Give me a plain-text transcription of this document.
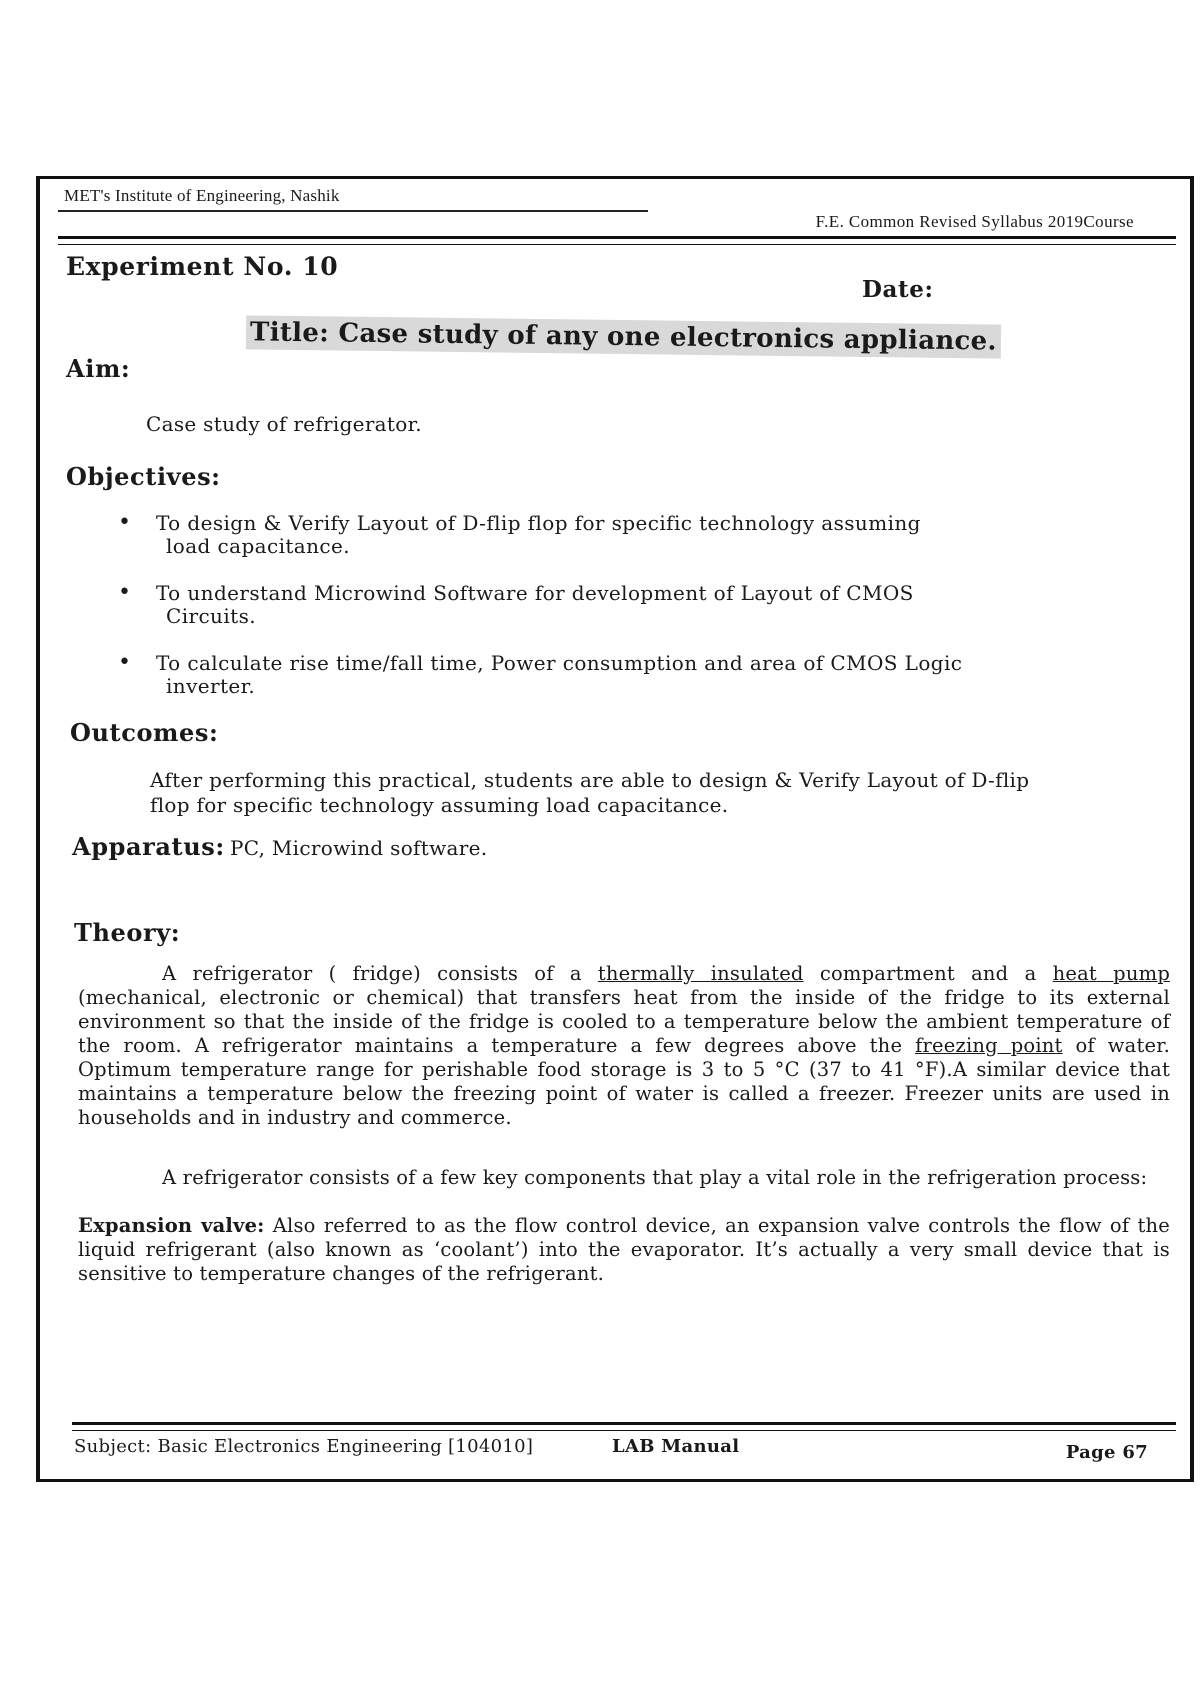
MET's Institute of Engineering, Nashik
F.E. Common Revised Syllabus 2019Course
Experiment No. 10
Date:
Title: Case study of any one electronics appliance.
Aim:
Case study of refrigerator.
Objectives:
• To design & Verify Layout of D-flip flop for specific technology assuming
load capacitance.
• To understand Microwind Software for development of Layout of CMOS
Circuits.
• To calculate rise time/fall time, Power consumption and area of CMOS Logic
inverter.
Outcomes:
After performing this practical, students are able to design & Verify Layout of D-flip
flop for specific technology assuming load capacitance.
Apparatus: PC, Microwind software.
Theory:
A refrigerator ( fridge) consists of a thermally insulated compartment and a heat pump (mechanical, electronic or chemical) that transfers heat from the inside of the fridge to its external environment so that the inside of the fridge is cooled to a temperature below the ambient temperature of the room. A refrigerator maintains a temperature a few degrees above the freezing point of water. Optimum temperature range for perishable food storage is 3 to 5 °C (37 to 41 °F).A similar device that maintains a temperature below the freezing point of water is called a freezer. Freezer units are used in households and in industry and commerce.
A refrigerator consists of a few key components that play a vital role in the refrigeration process:
Expansion valve: Also referred to as the flow control device, an expansion valve controls the flow of the liquid refrigerant (also known as ‘coolant’) into the evaporator. It’s actually a very small device that is sensitive to temperature changes of the refrigerant.
Subject: Basic Electronics Engineering [104010]	LAB Manual	Page 67
